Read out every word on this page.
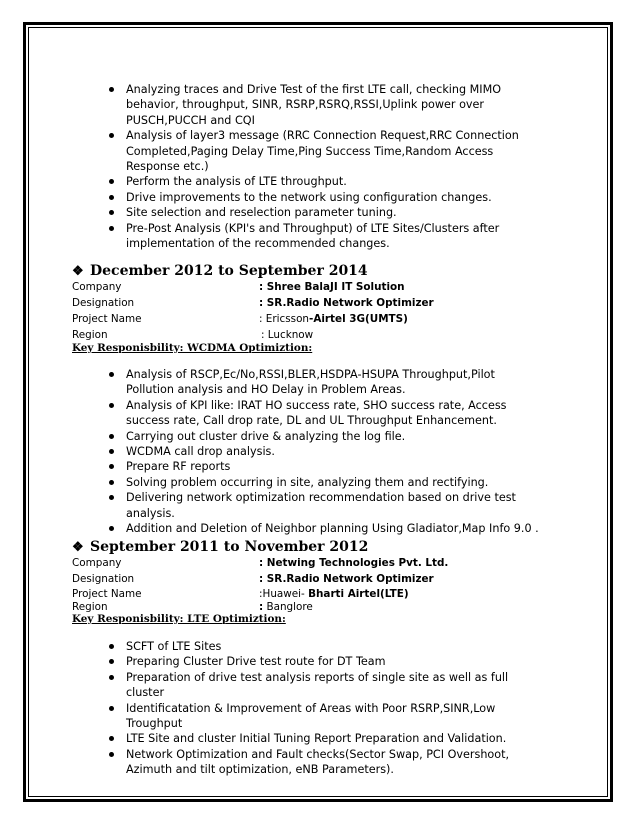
Analyzing traces and Drive Test of the first LTE call, checking MIMO behavior, throughput, SINR, RSRP,RSRQ,RSSI,Uplink power over PUSCH,PUCCH and CQI
Analysis of layer3 message (RRC Connection Request,RRC Connection Completed,Paging Delay Time,Ping Success Time,Random Access Response etc.)
Perform the analysis of LTE throughput.
Drive improvements to the network using configuration changes.
Site selection and reselection parameter tuning.
Pre-Post Analysis (KPI's and Throughput) of LTE Sites/Clusters after implementation of the recommended changes.
❖ December 2012 to September 2014
Company	: Shree BalaJI IT Solution
Designation	: SR.Radio Network Optimizer
Project Name	: Ericsson-Airtel 3G(UMTS)
Region	: Lucknow
Key Responisbility: WCDMA Optimiztion:
Analysis of RSCP,Ec/No,RSSI,BLER,HSDPA-HSUPA Throughput,Pilot Pollution analysis and HO Delay in Problem Areas.
Analysis of KPI like: IRAT HO success rate, SHO success rate, Access success rate, Call drop rate, DL and UL Throughput Enhancement.
Carrying out cluster drive & analyzing the log file.
WCDMA call drop analysis.
Prepare RF reports
Solving problem occurring in site, analyzing them and rectifying.
Delivering network optimization recommendation based on drive test analysis.
Addition and Deletion of Neighbor planning Using Gladiator,Map Info 9.0 .
❖ September 2011 to November 2012
Company	: Netwing Technologies Pvt. Ltd.
Designation	: SR.Radio Network Optimizer
Project Name	:Huawei- Bharti Airtel(LTE)
Region	: Banglore
Key Responisbility: LTE Optimiztion:
SCFT of LTE Sites
Preparing Cluster Drive test route for DT Team
Preparation of drive test analysis reports of single site as well as full cluster
Identificatation & Improvement of Areas with Poor RSRP,SINR,Low Troughput
LTE Site and cluster Initial Tuning Report Preparation and Validation.
Network Optimization and Fault checks(Sector Swap, PCI Overshoot, Azimuth and tilt optimization, eNB Parameters).
